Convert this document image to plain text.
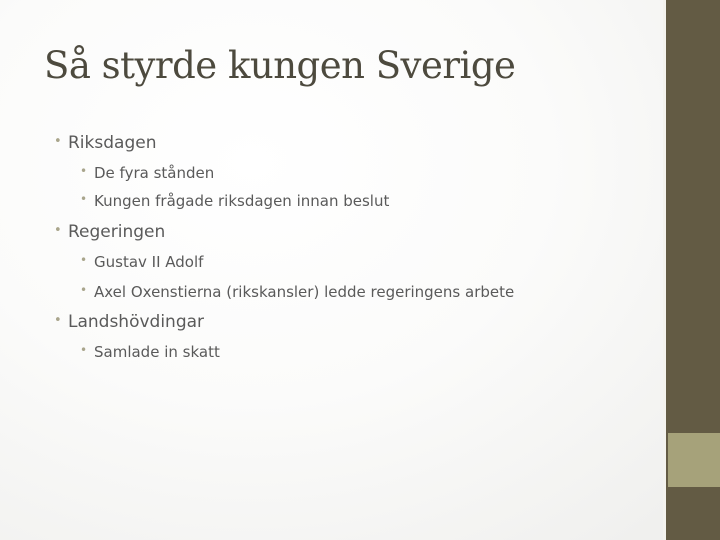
Så styrde kungen Sverige
• Riksdagen
• De fyra stånden
• Kungen frågade riksdagen innan beslut
• Regeringen
• Gustav II Adolf
• Axel Oxenstierna (rikskansler) ledde regeringens arbete
• Landshövdingar
• Samlade in skatt
